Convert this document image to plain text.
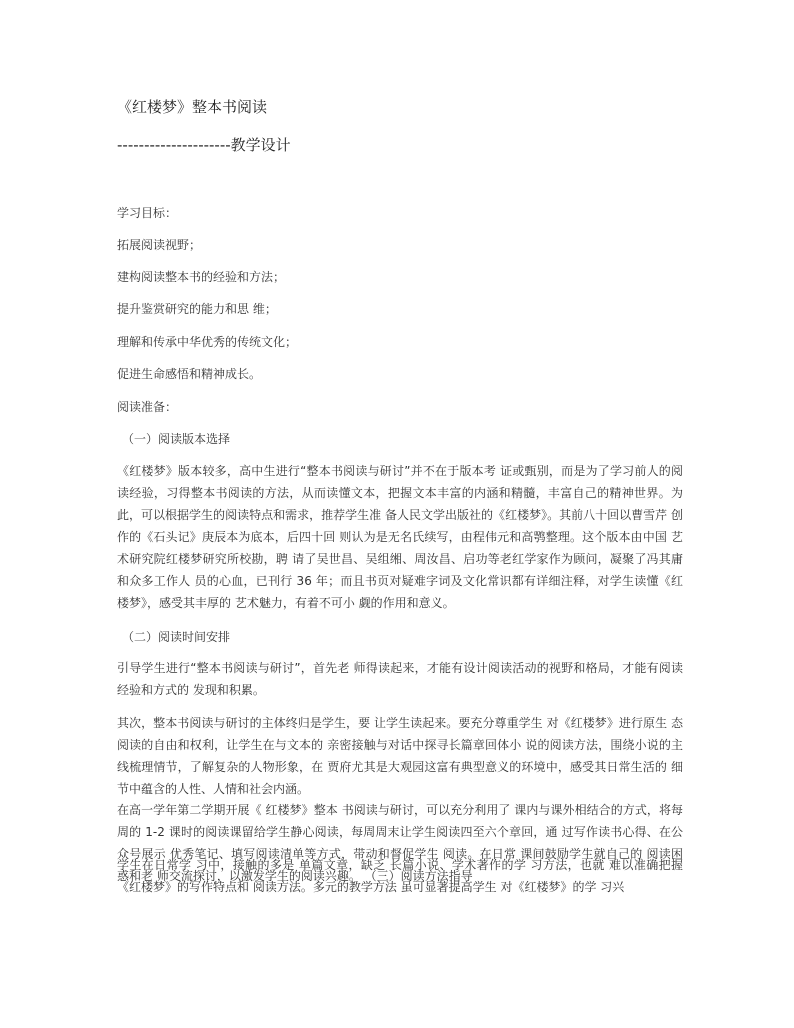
《红楼梦》整本书阅读
---------------------教学设计
学习目标：
拓展阅读视野；
建构阅读整本书的经验和方法；
提升鉴赏研究的能力和思 维；
理解和传承中华优秀的传统文化；
促进生命感悟和精神成长。
阅读准备：
（一）阅读版本选择
《红楼梦》版本较多，高中生进行“整本书阅读与研讨”并不在于版本考 证或甄别，而是为了学习前人的阅读经验，习得整本书阅读的方法，从而读懂文本，把握文本丰富的内涵和精髓，丰富自己的精神世界。为此，可以根据学生的阅读特点和需求，推荐学生准 备人民文学出版社的《红楼梦》。其前八十回以曹雪芹 创作的《石头记》庚辰本为底本，后四十回 则认为是无名氏续写，由程伟元和高鹗整理。这个版本由中国 艺术研究院红楼梦研究所校勘，聘 请了吴世昌、吴组缃、周汝昌、启功等老红学家作为顾问，凝聚了冯其庸和众多工作人 员的心血，已刊行 36 年；而且书页对疑难字词及文化常识都有详细注释，对学生读懂《红楼梦》，感受其丰厚的 艺术魅力，有着不可小 觑的作用和意义。
（二）阅读时间安排
引导学生进行“整本书阅读与研讨”，首先老 师得读起来，才能有设计阅读活动的视野和格局，才能有阅读经验和方式的 发现和积累。
其次，整本书阅读与研讨的主体终归是学生，要 让学生读起来。要充分尊重学生 对《红楼梦》进行原生 态阅读的自由和权利，让学生在与文本的 亲密接触与对话中探寻长篇章回体小 说的阅读方法，围绕小说的主线梳理情节，了解复杂的人物形象，在 贾府尤其是大观园这富有典型意义的环境中，感受其日常生活的 细节中蕴含的人性、人情和社会内涵。
在高一学年第二学期开展《 红楼梦》整本 书阅读与研讨，可以充分利用了 课内与课外相结合的方式，将每周的 1-2 课时的阅读课留给学生静心阅读，每周周末让学生阅读四至六个章回，通 过写作读书心得、在公众号展示 优秀笔记、填写阅读清单等方式，带动和督促学生 阅读。在日常 课间鼓励学生就自己的 阅读困惑和老 师交流探讨，以激发学生的阅读兴趣。 （三）阅读方法指导
学生在日常学 习中，接触的多是 单篇文章，缺乏 长篇小说、学术著作的学 习方法，也就 难以准确把握《红楼梦》的写作特点和 阅读方法。多元的教学方法 虽可显著提高学生 对《红楼梦》的学 习兴
